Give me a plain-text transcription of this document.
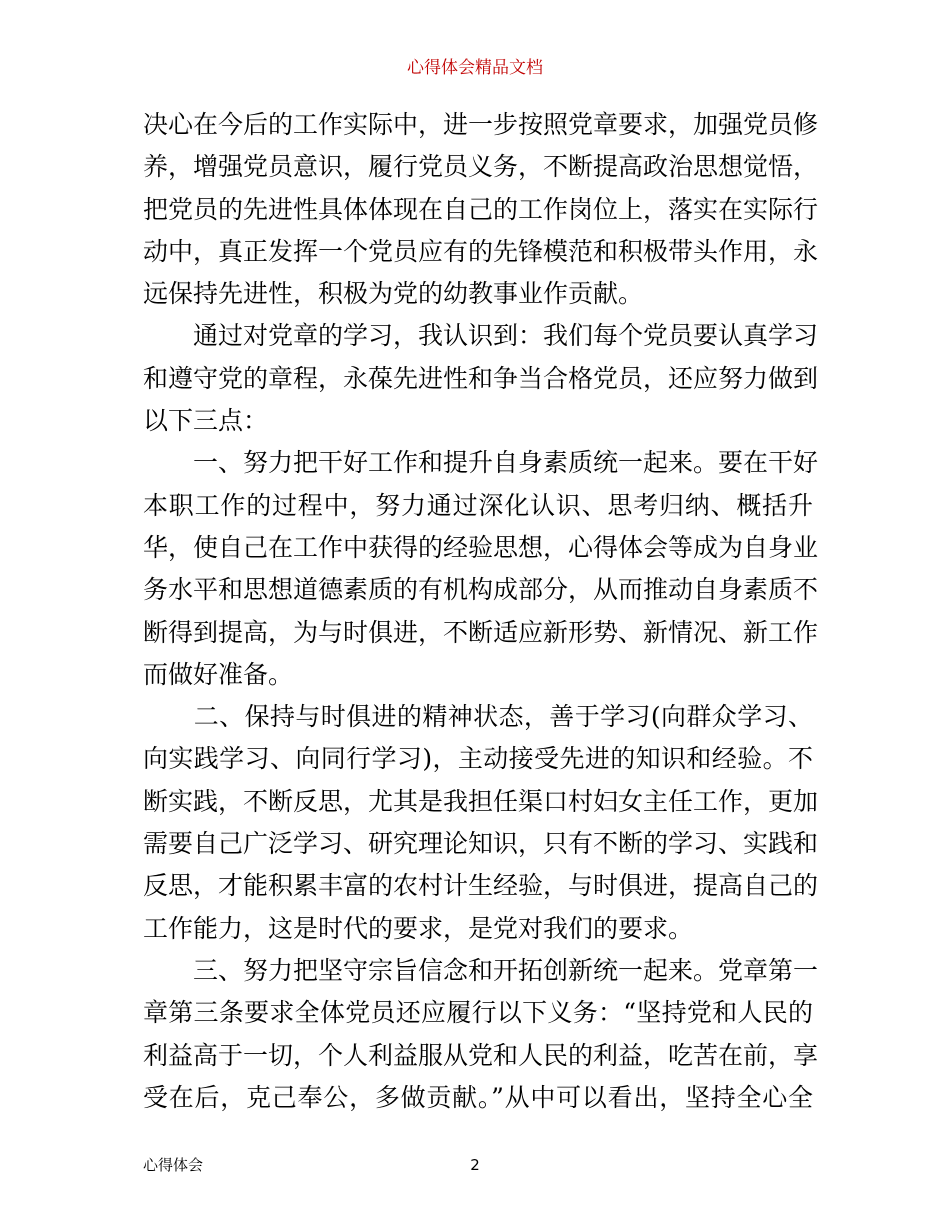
心得体会精品文档

决心在今后的工作实际中，进一步按照党章要求，加强党员修
养，增强党员意识，履行党员义务，不断提高政治思想觉悟，
把党员的先进性具体体现在自己的工作岗位上，落实在实际行
动中，真正发挥一个党员应有的先锋模范和积极带头作用，永
远保持先进性，积极为党的幼教事业作贡献。

　　通过对党章的学习，我认识到：我们每个党员要认真学习
和遵守党的章程，永葆先进性和争当合格党员，还应努力做到
以下三点：

　　一、努力把干好工作和提升自身素质统一起来。要在干好
本职工作的过程中，努力通过深化认识、思考归纳、概括升
华，使自己在工作中获得的经验思想，心得体会等成为自身业
务水平和思想道德素质的有机构成部分，从而推动自身素质不
断得到提高，为与时俱进，不断适应新形势、新情况、新工作
而做好准备。

　　二、保持与时俱进的精神状态，善于学习(向群众学习、
向实践学习、向同行学习)，主动接受先进的知识和经验。不
断实践，不断反思，尤其是我担任渠口村妇女主任工作，更加
需要自己广泛学习、研究理论知识，只有不断的学习、实践和
反思，才能积累丰富的农村计生经验，与时俱进，提高自己的
工作能力，这是时代的要求，是党对我们的要求。

　　三、努力把坚守宗旨信念和开拓创新统一起来。党章第一
章第三条要求全体党员还应履行以下义务：“坚持党和人民的
利益高于一切，个人利益服从党和人民的利益，吃苦在前，享
受在后，克己奉公，多做贡献。”从中可以看出，坚持全心全

心得体会	2
